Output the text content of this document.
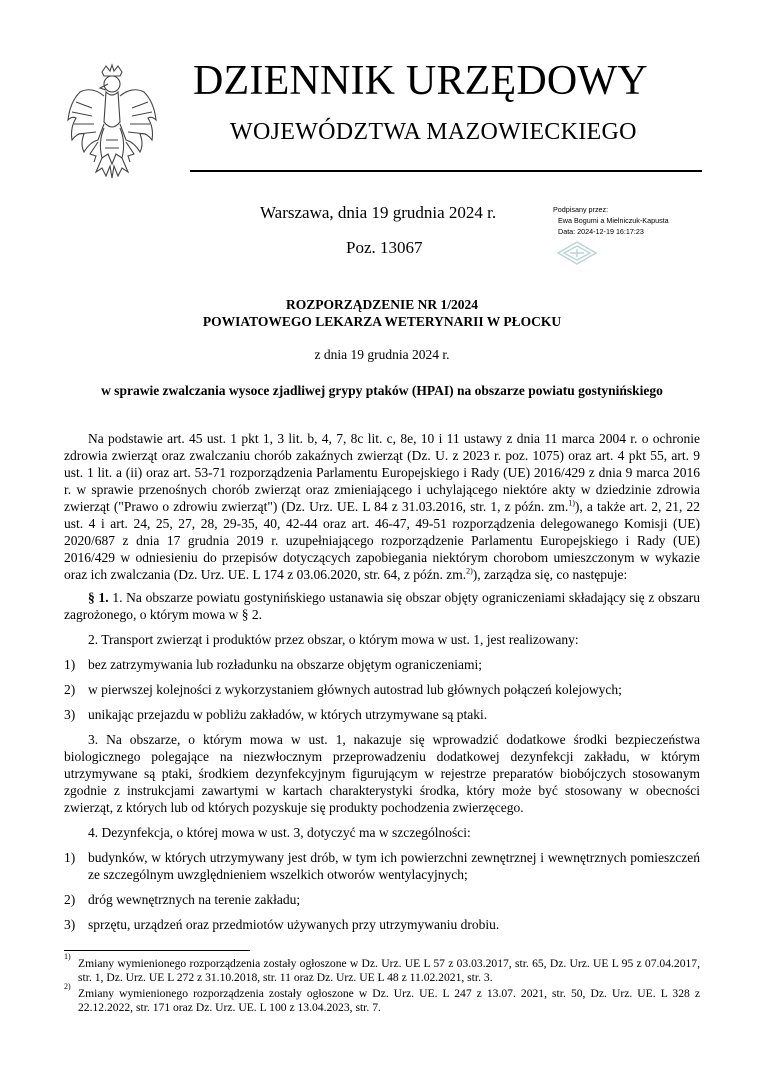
DZIENNIK URZĘDOWY
WOJEWÓDZTWA MAZOWIECKIEGO
Warszawa, dnia 19 grudnia 2024 r.
Poz. 13067
Podpisany przez:
Ewa Bogumi a Mielniczuk-Kapusta
Data: 2024-12-19 16:17:23
ROZPORZĄDZENIE NR 1/2024
POWIATOWEGO LEKARZA WETERYNARII W PŁOCKU
z dnia 19 grudnia 2024 r.
w sprawie zwalczania wysoce zjadliwej grypy ptaków (HPAI) na obszarze powiatu gostynińskiego

Na podstawie art. 45 ust. 1 pkt 1, 3 lit. b, 4, 7, 8c lit. c, 8e, 10 i 11 ustawy z dnia 11 marca 2004 r. o ochronie zdrowia zwierząt oraz zwalczaniu chorób zakaźnych zwierząt (Dz. U. z 2023 r. poz. 1075) oraz art. 4 pkt 55, art. 9 ust. 1 lit. a (ii) oraz art. 53-71 rozporządzenia Parlamentu Europejskiego i Rady (UE) 2016/429 z dnia 9 marca 2016 r. w sprawie przenośnych chorób zwierząt oraz zmieniającego i uchylającego niektóre akty w dziedzinie zdrowia zwierząt ("Prawo o zdrowiu zwierząt") (Dz. Urz. UE. L 84 z 31.03.2016, str. 1, z późn. zm.$^{1)}$), a także art. 2, 21, 22 ust. 4 i art. 24, 25, 27, 28, 29-35, 40, 42-44 oraz art. 46-47, 49-51 rozporządzenia delegowanego Komisji (UE) 2020/687 z dnia 17 grudnia 2019 r. uzupełniającego rozporządzenie Parlamentu Europejskiego i Rady (UE) 2016/429 w odniesieniu do przepisów dotyczących zapobiegania niektórym chorobom umieszczonym w wykazie oraz ich zwalczania (Dz. Urz. UE. L 174 z 03.06.2020, str. 64, z późn. zm.$^{2)}$), zarządza się, co następuje:

§ 1. 1. Na obszarze powiatu gostynińskiego ustanawia się obszar objęty ograniczeniami składający się z obszaru zagrożonego, o którym mowa w § 2.

2. Transport zwierząt i produktów przez obszar, o którym mowa w ust. 1, jest realizowany:

1) bez zatrzymywania lub rozładunku na obszarze objętym ograniczeniami;
2) w pierwszej kolejności z wykorzystaniem głównych autostrad lub głównych połączeń kolejowych;
3) unikając przejazdu w pobliżu zakładów, w których utrzymywane są ptaki.

3. Na obszarze, o którym mowa w ust. 1, nakazuje się wprowadzić dodatkowe środki bezpieczeństwa biologicznego polegające na niezwłocznym przeprowadzeniu dodatkowej dezynfekcji zakładu, w którym utrzymywane są ptaki, środkiem dezynfekcyjnym figurującym w rejestrze preparatów biobójczych stosowanym zgodnie z instrukcjami zawartymi w kartach charakterystyki środka, który może być stosowany w obecności zwierząt, z których lub od których pozyskuje się produkty pochodzenia zwierzęcego.

4. Dezynfekcja, o której mowa w ust. 3, dotyczyć ma w szczególności:

1) budynków, w których utrzymywany jest drób, w tym ich powierzchni zewnętrznej i wewnętrznych pomieszczeń ze szczególnym uwzględnieniem wszelkich otworów wentylacyjnych;
2) dróg wewnętrznych na terenie zakładu;
3) sprzętu, urządzeń oraz przedmiotów używanych przy utrzymywaniu drobiu.
1)
Zmiany wymienionego rozporządzenia zostały ogłoszone w Dz. Urz. UE L 57 z 03.03.2017, str. 65, Dz. Urz. UE L 95 z 07.04.2017, str. 1, Dz. Urz. UE L 272 z 31.10.2018, str. 11 oraz Dz. Urz. UE L 48 z 11.02.2021, str. 3.
2)
Zmiany wymienionego rozporządzenia zostały ogłoszone w Dz. Urz. UE. L 247 z 13.07. 2021, str. 50, Dz. Urz. UE. L 328 z 22.12.2022, str. 171 oraz Dz. Urz. UE. L 100 z 13.04.2023, str. 7.
